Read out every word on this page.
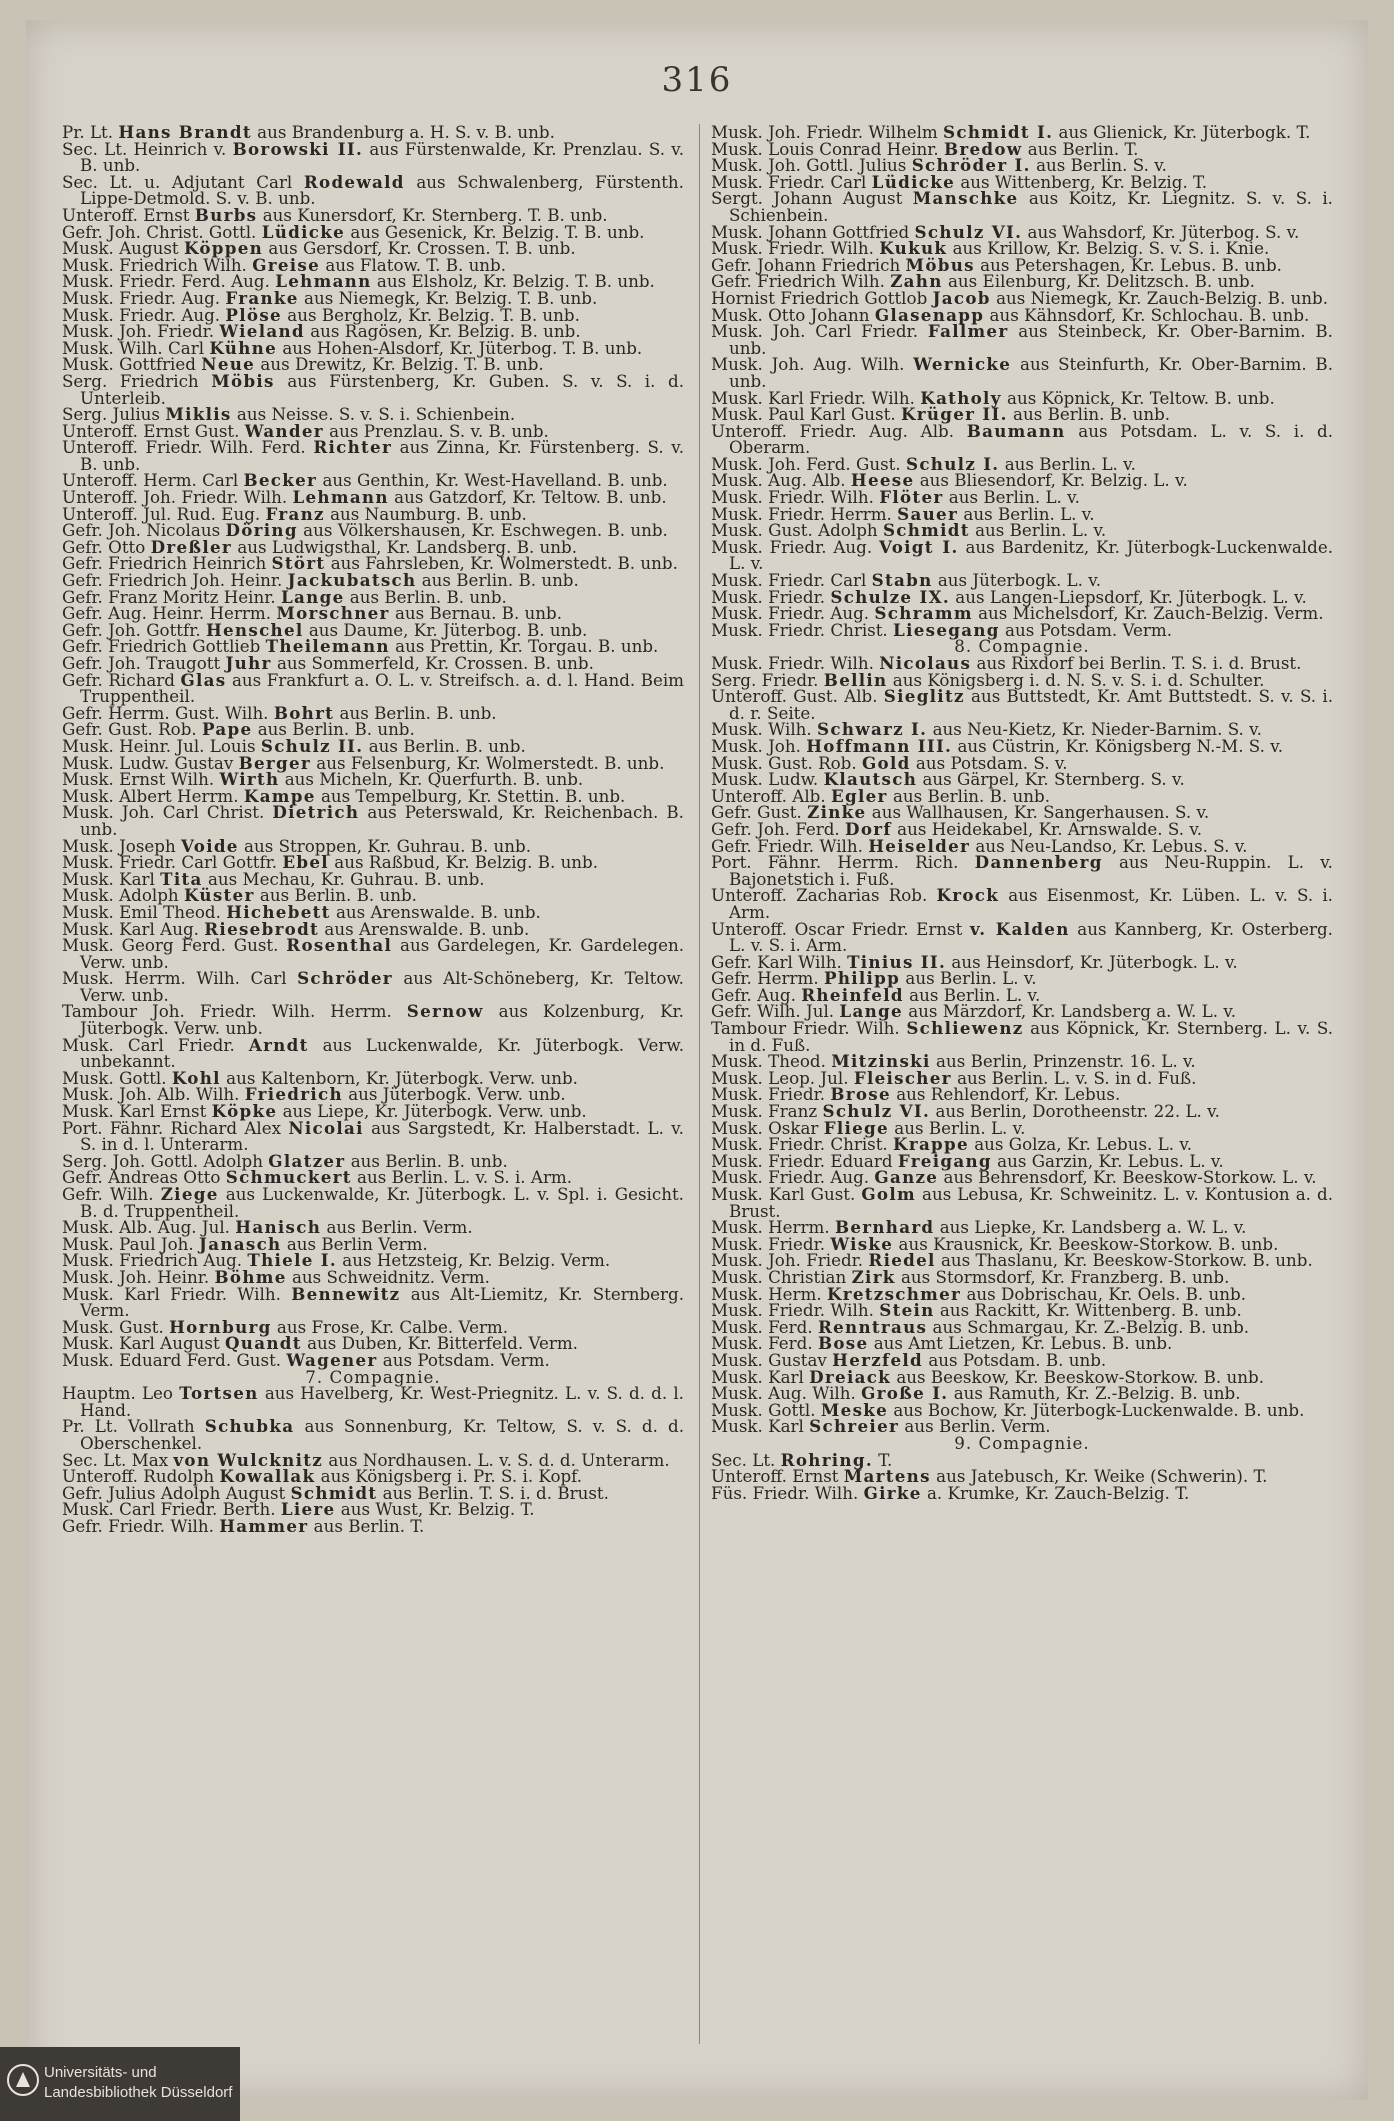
316

Pr. Lt. Hans Brandt aus Brandenburg a. H. S. v. B. unb.

Sec. Lt. Heinrich v. Borowski II. aus Fürstenwalde, Kr. Prenzlau. S. v. B. unb.

Sec. Lt. u. Adjutant Carl Rodewald aus Schwalenberg, Fürstenth. Lippe-Detmold. S. v. B. unb.

Unteroff. Ernst Burbs aus Kunersdorf, Kr. Sternberg. T. B. unb.

Gefr. Joh. Christ. Gottl. Lüdicke aus Gesenick, Kr. Belzig. T. B. unb.

Musk. August Köppen aus Gersdorf, Kr. Crossen. T. B. unb.

Musk. Friedrich Wilh. Greise aus Flatow. T. B. unb.

Musk. Friedr. Ferd. Aug. Lehmann aus Elsholz, Kr. Belzig. T. B. unb.

Musk. Friedr. Aug. Franke aus Niemegk, Kr. Belzig. T. B. unb.

Musk. Friedr. Aug. Plöse aus Bergholz, Kr. Belzig. T. B. unb.

Musk. Joh. Friedr. Wieland aus Ragösen, Kr. Belzig. B. unb.

Musk. Wilh. Carl Kühne aus Hohen-Alsdorf, Kr. Jüterbog. T. B. unb.

Musk. Gottfried Neue aus Drewitz, Kr. Belzig. T. B. unb.

Serg. Friedrich Möbis aus Fürstenberg, Kr. Guben. S. v. S. i. d. Unterleib.

Serg. Julius Miklis aus Neisse. S. v. S. i. Schienbein.

Unteroff. Ernst Gust. Wander aus Prenzlau. S. v. B. unb.

Unteroff. Friedr. Wilh. Ferd. Richter aus Zinna, Kr. Fürstenberg. S. v. B. unb.

Unteroff. Herm. Carl Becker aus Genthin, Kr. West-Havelland. B. unb.

Unteroff. Joh. Friedr. Wilh. Lehmann aus Gatzdorf, Kr. Teltow. B. unb.

Unteroff. Jul. Rud. Eug. Franz aus Naumburg. B. unb.

Gefr. Joh. Nicolaus Döring aus Völkershausen, Kr. Eschwegen. B. unb.

Gefr. Otto Dreßler aus Ludwigsthal, Kr. Landsberg. B. unb.

Gefr. Friedrich Heinrich Stört aus Fahrsleben, Kr. Wolmerstedt. B. unb.

Gefr. Friedrich Joh. Heinr. Jackubatsch aus Berlin. B. unb.

Gefr. Franz Moritz Heinr. Lange aus Berlin. B. unb.

Gefr. Aug. Heinr. Herrm. Morschner aus Bernau. B. unb.

Gefr. Joh. Gottfr. Henschel aus Daume, Kr. Jüterbog. B. unb.

Gefr. Friedrich Gottlieb Theilemann aus Prettin, Kr. Torgau. B. unb.

Gefr. Joh. Traugott Juhr aus Sommerfeld, Kr. Crossen. B. unb.

Gefr. Richard Glas aus Frankfurt a. O. L. v. Streifsch. a. d. l. Hand. Beim Truppentheil.

Gefr. Herrm. Gust. Wilh. Bohrt aus Berlin. B. unb.

Gefr. Gust. Rob. Pape aus Berlin. B. unb.

Musk. Heinr. Jul. Louis Schulz II. aus Berlin. B. unb.

Musk. Ludw. Gustav Berger aus Felsenburg, Kr. Wolmerstedt. B. unb.

Musk. Ernst Wilh. Wirth aus Micheln, Kr. Querfurth. B. unb.

Musk. Albert Herrm. Kampe aus Tempelburg, Kr. Stettin. B. unb.

Musk. Joh. Carl Christ. Dietrich aus Peterswald, Kr. Reichenbach. B. unb.

Musk. Joseph Voide aus Stroppen, Kr. Guhrau. B. unb.

Musk. Friedr. Carl Gottfr. Ebel aus Raßbud, Kr. Belzig. B. unb.

Musk. Karl Tita aus Mechau, Kr. Guhrau. B. unb.

Musk. Adolph Küster aus Berlin. B. unb.

Musk. Emil Theod. Hichebett aus Arenswalde. B. unb.

Musk. Karl Aug. Riesebrodt aus Arenswalde. B. unb.

Musk. Georg Ferd. Gust. Rosenthal aus Gardelegen, Kr. Gardelegen. Verw. unb.

Musk. Herrm. Wilh. Carl Schröder aus Alt-Schöneberg, Kr. Teltow. Verw. unb.

Tambour Joh. Friedr. Wilh. Herrm. Sernow aus Kolzenburg, Kr. Jüterbogk. Verw. unb.

Musk. Carl Friedr. Arndt aus Luckenwalde, Kr. Jüterbogk. Verw. unbekannt.

Musk. Gottl. Kohl aus Kaltenborn, Kr. Jüterbogk. Verw. unb.

Musk. Joh. Alb. Wilh. Friedrich aus Jüterbogk. Verw. unb.

Musk. Karl Ernst Köpke aus Liepe, Kr. Jüterbogk. Verw. unb.

Port. Fähnr. Richard Alex Nicolai aus Sargstedt, Kr. Halberstadt. L. v. S. in d. l. Unterarm.

Serg. Joh. Gottl. Adolph Glatzer aus Berlin. B. unb.

Gefr. Andreas Otto Schmuckert aus Berlin. L. v. S. i. Arm.

Gefr. Wilh. Ziege aus Luckenwalde, Kr. Jüterbogk. L. v. Spl. i. Gesicht. B. d. Truppentheil.

Musk. Alb. Aug. Jul. Hanisch aus Berlin. Verm.

Musk. Paul Joh. Janasch aus Berlin Verm.

Musk. Friedrich Aug. Thiele I. aus Hetzsteig, Kr. Belzig. Verm.

Musk. Joh. Heinr. Böhme aus Schweidnitz. Verm.

Musk. Karl Friedr. Wilh. Bennewitz aus Alt-Liemitz, Kr. Sternberg. Verm.

Musk. Gust. Hornburg aus Frose, Kr. Calbe. Verm.

Musk. Karl August Quandt aus Duben, Kr. Bitterfeld. Verm.

Musk. Eduard Ferd. Gust. Wagener aus Potsdam. Verm.

7. Compagnie.

Hauptm. Leo Tortsen aus Havelberg, Kr. West-Priegnitz. L. v. S. d. d. l. Hand.

Pr. Lt. Vollrath Schubka aus Sonnenburg, Kr. Teltow, S. v. S. d. d. Oberschenkel.

Sec. Lt. Max von Wulcknitz aus Nordhausen. L. v. S. d. d. Unterarm.

Unteroff. Rudolph Kowallak aus Königsberg i. Pr. S. i. Kopf.

Gefr. Julius Adolph August Schmidt aus Berlin. T. S. i. d. Brust.

Musk. Carl Friedr. Berth. Liere aus Wust, Kr. Belzig. T.

Gefr. Friedr. Wilh. Hammer aus Berlin. T.

Musk. Joh. Friedr. Wilhelm Schmidt I. aus Glienick, Kr. Jüterbogk. T.

Musk. Louis Conrad Heinr. Bredow aus Berlin. T.

Musk. Joh. Gottl. Julius Schröder I. aus Berlin. S. v.

Musk. Friedr. Carl Lüdicke aus Wittenberg, Kr. Belzig. T.

Sergt. Johann August Manschke aus Koitz, Kr. Liegnitz. S. v. S. i. Schienbein.

Musk. Johann Gottfried Schulz VI. aus Wahsdorf, Kr. Jüterbog. S. v.

Musk. Friedr. Wilh. Kukuk aus Krillow, Kr. Belzig. S. v. S. i. Knie.

Gefr. Johann Friedrich Möbus aus Petershagen, Kr. Lebus. B. unb.

Gefr. Friedrich Wilh. Zahn aus Eilenburg, Kr. Delitzsch. B. unb.

Hornist Friedrich Gottlob Jacob aus Niemegk, Kr. Zauch-Belzig. B. unb.

Musk. Otto Johann Glasenapp aus Kähnsdorf, Kr. Schlochau. B. unb.

Musk. Joh. Carl Friedr. Fallmer aus Steinbeck, Kr. Ober-Barnim. B. unb.

Musk. Joh. Aug. Wilh. Wernicke aus Steinfurth, Kr. Ober-Barnim. B. unb.

Musk. Karl Friedr. Wilh. Katholy aus Köpnick, Kr. Teltow. B. unb.

Musk. Paul Karl Gust. Krüger II. aus Berlin. B. unb.

Unteroff. Friedr. Aug. Alb. Baumann aus Potsdam. L. v. S. i. d. Oberarm.

Musk. Joh. Ferd. Gust. Schulz I. aus Berlin. L. v.

Musk. Aug. Alb. Heese aus Bliesendorf, Kr. Belzig. L. v.

Musk. Friedr. Wilh. Flöter aus Berlin. L. v.

Musk. Friedr. Herrm. Sauer aus Berlin. L. v.

Musk. Gust. Adolph Schmidt aus Berlin. L. v.

Musk. Friedr. Aug. Voigt I. aus Bardenitz, Kr. Jüterbogk-Luckenwalde. L. v.

Musk. Friedr. Carl Stabn aus Jüterbogk. L. v.

Musk. Friedr. Schulze IX. aus Langen-Liepsdorf, Kr. Jüterbogk. L. v.

Musk. Friedr. Aug. Schramm aus Michelsdorf, Kr. Zauch-Belzig. Verm.

Musk. Friedr. Christ. Liesegang aus Potsdam. Verm.

8. Compagnie.

Musk. Friedr. Wilh. Nicolaus aus Rixdorf bei Berlin. T. S. i. d. Brust.

Serg. Friedr. Bellin aus Königsberg i. d. N. S. v. S. i. d. Schulter.

Unteroff. Gust. Alb. Sieglitz aus Buttstedt, Kr. Amt Buttstedt. S. v. S. i. d. r. Seite.

Musk. Wilh. Schwarz I. aus Neu-Kietz, Kr. Nieder-Barnim. S. v.

Musk. Joh. Hoffmann III. aus Cüstrin, Kr. Königsberg N.-M. S. v.

Musk. Gust. Rob. Gold aus Potsdam. S. v.

Musk. Ludw. Klautsch aus Gärpel, Kr. Sternberg. S. v.

Unteroff. Alb. Egler aus Berlin. B. unb.

Gefr. Gust. Zinke aus Wallhausen, Kr. Sangerhausen. S. v.

Gefr. Joh. Ferd. Dorf aus Heidekabel, Kr. Arnswalde. S. v.

Gefr. Friedr. Wilh. Heiselder aus Neu-Landso, Kr. Lebus. S. v.

Port. Fähnr. Herrm. Rich. Dannenberg aus Neu-Ruppin. L. v. Bajonetstich i. Fuß.

Unteroff. Zacharias Rob. Krock aus Eisenmost, Kr. Lüben. L. v. S. i. Arm.

Unteroff. Oscar Friedr. Ernst v. Kalden aus Kannberg, Kr. Osterberg. L. v. S. i. Arm.

Gefr. Karl Wilh. Tinius II. aus Heinsdorf, Kr. Jüterbogk. L. v.

Gefr. Herrm. Philipp aus Berlin. L. v.

Gefr. Aug. Rheinfeld aus Berlin. L. v.

Gefr. Wilh. Jul. Lange aus Märzdorf, Kr. Landsberg a. W. L. v.

Tambour Friedr. Wilh. Schliewenz aus Köpnick, Kr. Sternberg. L. v. S. in d. Fuß.

Musk. Theod. Mitzinski aus Berlin, Prinzenstr. 16. L. v.

Musk. Leop. Jul. Fleischer aus Berlin. L. v. S. in d. Fuß.

Musk. Friedr. Brose aus Rehlendorf, Kr. Lebus.

Musk. Franz Schulz VI. aus Berlin, Dorotheenstr. 22. L. v.

Musk. Oskar Fliege aus Berlin. L. v.

Musk. Friedr. Christ. Krappe aus Golza, Kr. Lebus. L. v.

Musk. Friedr. Eduard Freigang aus Garzin, Kr. Lebus. L. v.

Musk. Friedr. Aug. Ganze aus Behrensdorf, Kr. Beeskow-Storkow. L. v.

Musk. Karl Gust. Golm aus Lebusa, Kr. Schweinitz. L. v. Kontusion a. d. Brust.

Musk. Herrm. Bernhard aus Liepke, Kr. Landsberg a. W. L. v.

Musk. Friedr. Wiske aus Krausnick, Kr. Beeskow-Storkow. B. unb.

Musk. Joh. Friedr. Riedel aus Thaslanu, Kr. Beeskow-Storkow. B. unb.

Musk. Christian Zirk aus Stormsdorf, Kr. Franzberg. B. unb.

Musk. Herm. Kretzschmer aus Dobrischau, Kr. Oels. B. unb.

Musk. Friedr. Wilh. Stein aus Rackitt, Kr. Wittenberg. B. unb.

Musk. Ferd. Renntraus aus Schmargau, Kr. Z.-Belzig. B. unb.

Musk. Ferd. Bose aus Amt Lietzen, Kr. Lebus. B. unb.

Musk. Gustav Herzfeld aus Potsdam. B. unb.

Musk. Karl Dreiack aus Beeskow, Kr. Beeskow-Storkow. B. unb.

Musk. Aug. Wilh. Große I. aus Ramuth, Kr. Z.-Belzig. B. unb.

Musk. Gottl. Meske aus Bochow, Kr. Jüterbogk-Luckenwalde. B. unb.

Musk. Karl Schreier aus Berlin. Verm.

9. Compagnie.

Sec. Lt. Rohring. T.

Unteroff. Ernst Martens aus Jatebusch, Kr. Weike (Schwerin). T.

Füs. Friedr. Wilh. Girke a. Krumke, Kr. Zauch-Belzig. T.

Universitäts- und
Landesbibliothek Düsseldorf
